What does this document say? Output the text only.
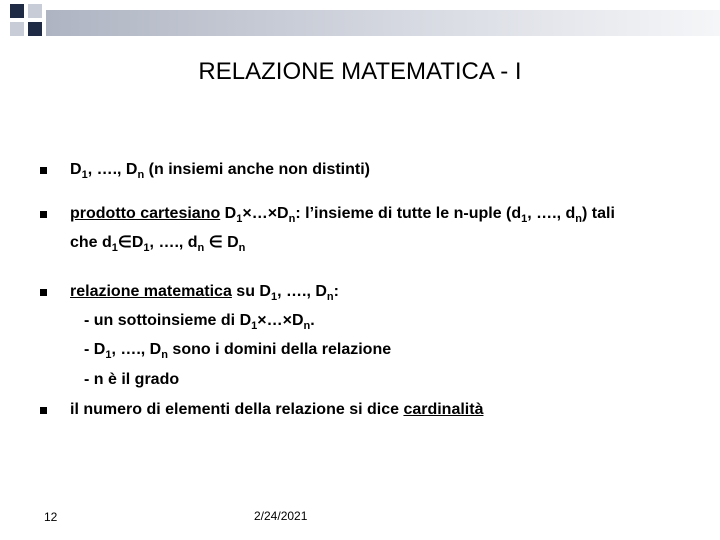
RELAZIONE MATEMATICA - I
$D_1$, …., $D_n$ (n insiemi anche non distinti)
prodotto cartesiano $D_1\times\dots\times D_n$: l’insieme di tutte le n-uple ($d_1$, …., $d_n$) tali
che $d_1\in D_1$, …., $d_n$ ∈ $D_n$
relazione matematica su $D_1$, …., $D_n$:
- un sottoinsieme di $D_1\times\dots\times D_n$.
- $D_1$, …., $D_n$ sono i domini della relazione
- n è il grado
il numero di elementi della relazione si dice cardinalità
12	2/24/2021
